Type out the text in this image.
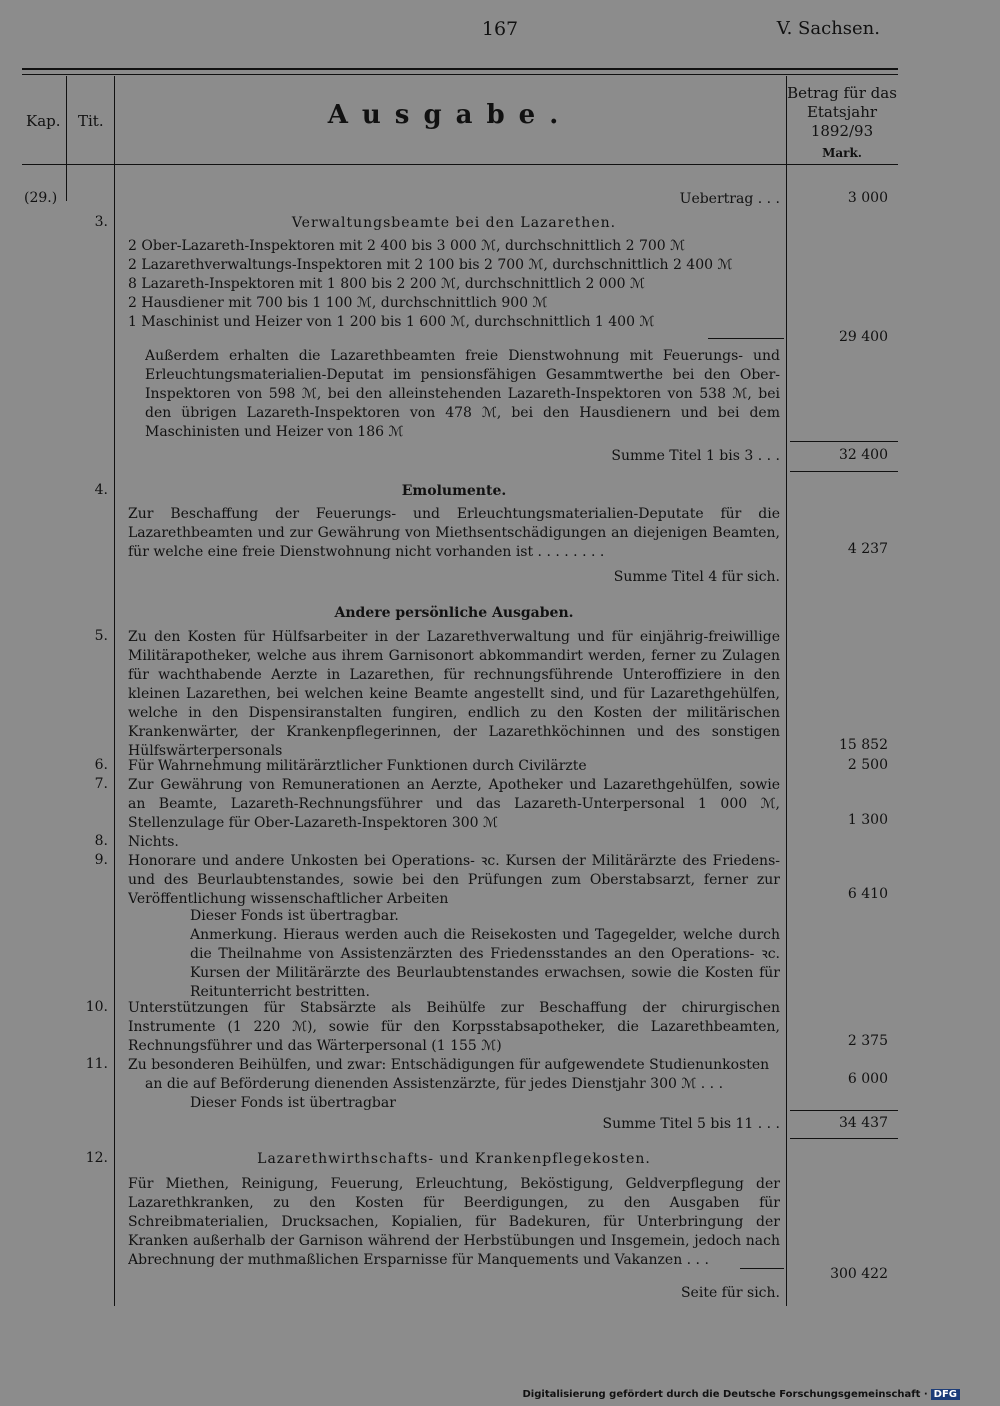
167	V. Sachsen.
Kap. Tit.	Ausgabe.
Betrag für das Etatsjahr 1892/93
Mark.
(29.)	Uebertrag . . .	3 000
3.	Verwaltungsbeamte bei den Lazarethen.
2 Ober-Lazareth-Inspektoren mit 2 400 bis 3 000 ℳ, durchschnittlich 2 700 ℳ
2 Lazarethverwaltungs-Inspektoren mit 2 100 bis 2 700 ℳ, durchschnittlich 2 400 ℳ
8 Lazareth-Inspektoren mit 1 800 bis 2 200 ℳ, durchschnittlich 2 000 ℳ
2 Hausdiener mit 700 bis 1 100 ℳ, durchschnittlich 900 ℳ
1 Maschinist und Heizer von 1 200 bis 1 600 ℳ, durchschnittlich 1 400 ℳ
29 400
Außerdem erhalten die Lazarethbeamten freie Dienstwohnung mit Feuerungs- und Erleuchtungsmaterialien-Deputat im pensionsfähigen Gesammtwerthe bei den Ober-Inspektoren von 598 ℳ, bei den alleinstehenden Lazareth-Inspektoren von 538 ℳ, bei den übrigen Lazareth-Inspektoren von 478 ℳ, bei den Hausdienern und bei dem Maschinisten und Heizer von 186 ℳ
Summe Titel 1 bis 3 . . .	32 400
4.	Emolumente.
Zur Beschaffung der Feuerungs- und Erleuchtungsmaterialien-Deputate für die Lazarethbeamten und zur Gewährung von Miethsentschädigungen an diejenigen Beamten, für welche eine freie Dienstwohnung nicht vorhanden ist . . . . . . . .	4 237
Summe Titel 4 für sich.
Andere persönliche Ausgaben.
5. Zu den Kosten für Hülfsarbeiter in der Lazarethverwaltung und für einjährig-freiwillige Militärapotheker, welche aus ihrem Garnisonort abkommandirt werden, ferner zu Zulagen für wachthabende Aerzte in Lazarethen, für rechnungsführende Unteroffiziere in den kleinen Lazarethen, bei welchen keine Beamte angestellt sind, und für Lazarethgehülfen, welche in den Dispensiranstalten fungiren, endlich zu den Kosten der militärischen Krankenwärter, der Krankenpflegerinnen, der Lazarethköchinnen und des sonstigen Hülfswärterpersonals	15 852
6. Für Wahrnehmung militärärztlicher Funktionen durch Civilärzte	2 500
7. Zur Gewährung von Remunerationen an Aerzte, Apotheker und Lazarethgehülfen, sowie an Beamte, Lazareth-Rechnungsführer und das Lazareth-Unterpersonal 1 000 ℳ, Stellenzulage für Ober-Lazareth-Inspektoren 300 ℳ	1 300
8. Nichts.
9. Honorare und andere Unkosten bei Operations- ꝛc. Kursen der Militärärzte des Friedens- und des Beurlaubtenstandes, sowie bei den Prüfungen zum Oberstabsarzt, ferner zur Veröffentlichung wissenschaftlicher Arbeiten	6 410
Dieser Fonds ist übertragbar.
Anmerkung. Hieraus werden auch die Reisekosten und Tagegelder, welche durch die Theilnahme von Assistenzärzten des Friedensstandes an den Operations- ꝛc. Kursen der Militärärzte des Beurlaubtenstandes erwachsen, sowie die Kosten für Reitunterricht bestritten.
10. Unterstützungen für Stabsärzte als Beihülfe zur Beschaffung der chirurgischen Instrumente (1 220 ℳ), sowie für den Korpsstabsapotheker, die Lazarethbeamten, Rechnungsführer und das Wärterpersonal (1 155 ℳ)	2 375
11. Zu besonderen Beihülfen, und zwar: Entschädigungen für aufgewendete Studienunkosten
an die auf Beförderung dienenden Assistenzärzte, für jedes Dienstjahr 300 ℳ . . .	6 000
Dieser Fonds ist übertragbar
Summe Titel 5 bis 11 . . .	34 437
12.	Lazarethwirthschafts- und Krankenpflegekosten.
Für Miethen, Reinigung, Feuerung, Erleuchtung, Beköstigung, Geldverpflegung der Lazarethkranken, zu den Kosten für Beerdigungen, zu den Ausgaben für Schreibmaterialien, Drucksachen, Kopialien, für Badekuren, für Unterbringung der Kranken außerhalb der Garnison während der Herbstübungen und Insgemein, jedoch nach Abrechnung der muthmaßlichen Ersparnisse für Manquements und Vakanzen . . .
300 422
Seite für sich.
Digitalisierung gefördert durch die Deutsche Forschungsgemeinschaft · DFG
